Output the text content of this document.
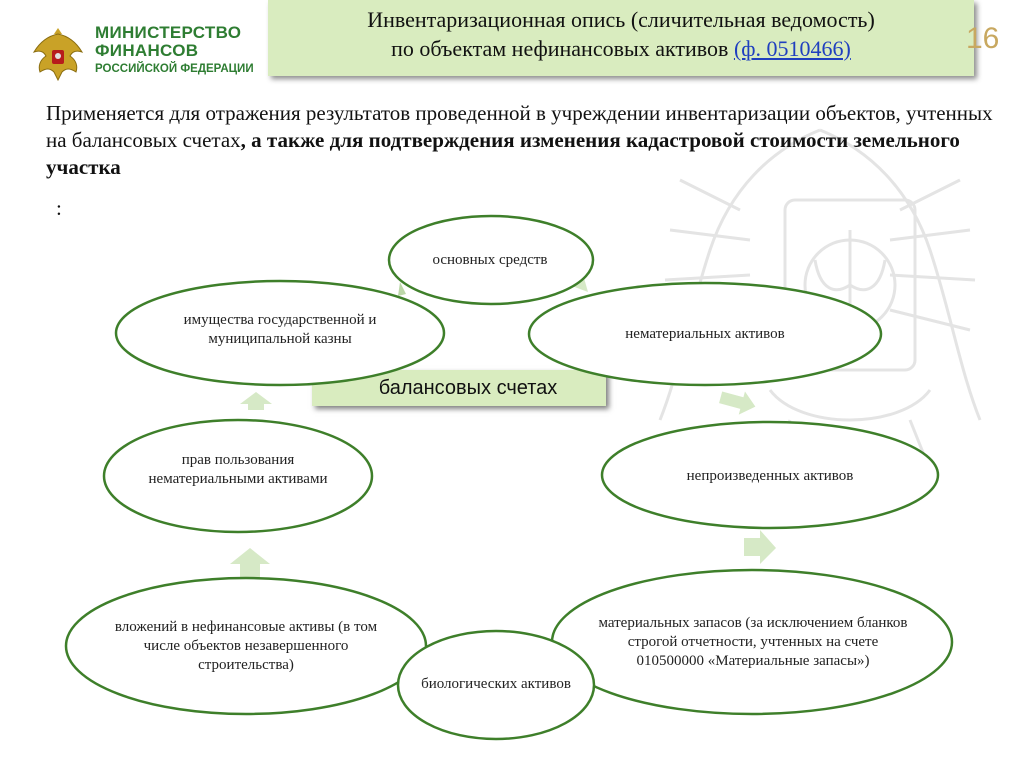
МИНИСТЕРСТВО
ФИНАНСОВ
РОССИЙСКОЙ ФЕДЕРАЦИИ
Инвентаризационная опись (сличительная ведомость)
по объектам нефинансовых активов (ф. 0510466)	16
Применяется для отражения результатов проведенной в учреждении инвентаризации объектов, учтенных на балансовых счетах, а также для подтверждения изменения кадастровой стоимости земельного участка
:
балансовых счетах
основных средств
нематериальных активов
непроизведенных активов
материальных запасов (за исключением бланков строгой отчетности, учтенных на счете 010500000 «Материальные запасы»)
биологических активов
вложений в нефинансовые активы (в том числе объектов незавершенного строительства)
прав пользования нематериальными активами
имущества государственной и муниципальной казны
